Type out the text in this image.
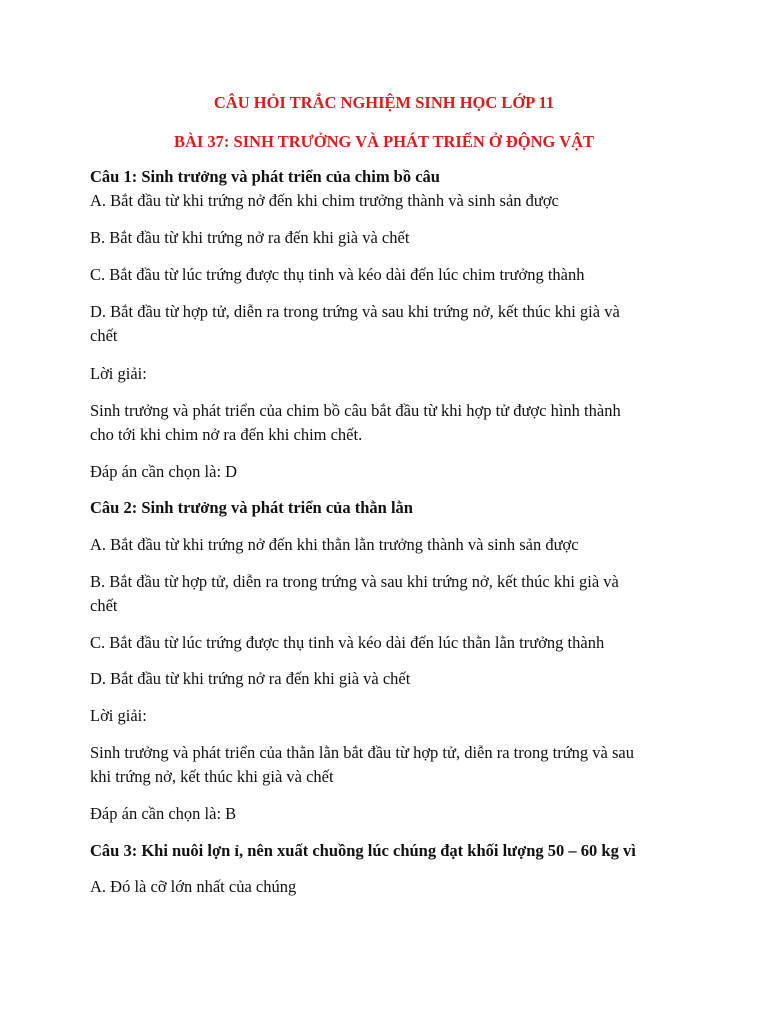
CÂU HỎI TRẮC NGHIỆM SINH HỌC LỚP 11
BÀI 37: SINH TRƯỞNG VÀ PHÁT TRIỂN Ở ĐỘNG VẬT
Câu 1: Sinh trưởng và phát triển của chim bồ câu
A. Bắt đầu từ khi trứng nở đến khi chim trưởng thành và sinh sản được
B. Bắt đầu từ khi trứng nở ra đến khi già và chết
C. Bắt đầu từ lúc trứng được thụ tinh và kéo dài đến lúc chim trưởng thành
D. Bắt đầu từ hợp tử, diễn ra trong trứng và sau khi trứng nở, kết thúc khi già và
chết
Lời giải:
Sinh trưởng và phát triển của chim bồ câu bắt đầu từ khi hợp tử được hình thành
cho tới khi chim nở ra đến khi chim chết.
Đáp án cần chọn là: D
Câu 2: Sinh trưởng và phát triển của thằn lằn
A. Bắt đầu từ khi trứng nở đến khi thằn lằn trưởng thành và sinh sản được
B. Bắt đầu từ hợp tử, diễn ra trong trứng và sau khi trứng nở, kết thúc khi già và
chết
C. Bắt đầu từ lúc trứng được thụ tinh và kéo dài đến lúc thằn lằn trưởng thành
D. Bắt đầu từ khi trứng nở ra đến khi già và chết
Lời giải:
Sinh trưởng và phát triển của thằn lằn bắt đầu từ hợp tử, diễn ra trong trứng và sau
khi trứng nở, kết thúc khi già và chết
Đáp án cần chọn là: B
Câu 3: Khi nuôi lợn ỉ, nên xuất chuồng lúc chúng đạt khối lượng 50 – 60 kg vì
A. Đó là cỡ lớn nhất của chúng
